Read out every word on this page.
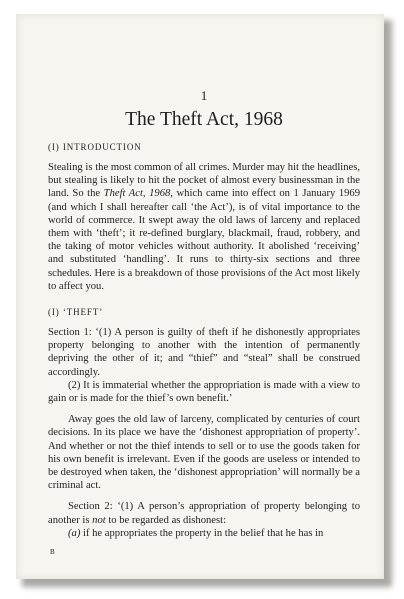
1
The Theft Act, 1968
(I) INTRODUCTION

Stealing is the most common of all crimes. Murder may hit the headlines, but stealing is likely to hit the pocket of almost every businessman in the land. So the Theft Act, 1968, which came into effect on 1 January 1969 (and which I shall hereafter call ‘the Act’), is of vital importance to the world of commerce. It swept away the old laws of larceny and replaced them with ‘theft’; it re-defined burglary, blackmail, fraud, robbery, and the taking of motor vehicles without authority. It abolished ‘receiving’ and substituted ‘handling’. It runs to thirty-six sections and three schedules. Here is a breakdown of those provisions of the Act most likely to affect you.

(I) ‘THEFT’

Section 1: ‘(1) A person is guilty of theft if he dishonestly appropriates property belonging to another with the intention of permanently depriving the other of it; and “thief” and “steal” shall be construed accordingly.

(2) It is immaterial whether the appropriation is made with a view to gain or is made for the thief’s own benefit.’

Away goes the old law of larceny, complicated by centuries of court decisions. In its place we have the ‘dishonest appropriation of property’. And whether or not the thief intends to sell or to use the goods taken for his own benefit is irrelevant. Even if the goods are useless or intended to be destroyed when taken, the ‘dishonest appropriation’ will normally be a criminal act.

Section 2: ‘(1) A person’s appropriation of property belonging to another is not to be regarded as dishonest:

(a) if he appropriates the property in the belief that he has in

B
